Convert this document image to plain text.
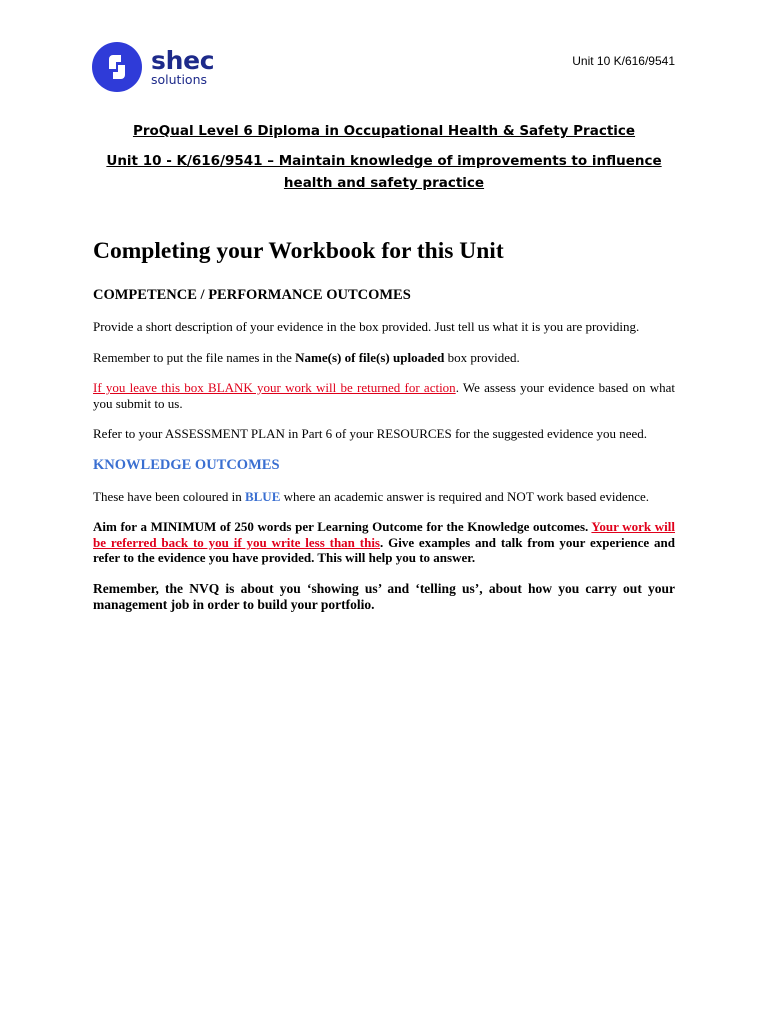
shec
solutions
Unit 10 K/616/9541
ProQual Level 6 Diploma in Occupational Health & Safety Practice
Unit 10 - K/616/9541 – Maintain knowledge of improvements to influence health and safety practice
Completing your Workbook for this Unit
COMPETENCE / PERFORMANCE OUTCOMES

Provide a short description of your evidence in the box provided. Just tell us what it is you are providing.

Remember to put the file names in the Name(s) of file(s) uploaded box provided.

If you leave this box BLANK your work will be returned for action. We assess your evidence based on what you submit to us.

Refer to your ASSESSMENT PLAN in Part 6 of your RESOURCES for the suggested evidence you need.

KNOWLEDGE OUTCOMES

These have been coloured in BLUE where an academic answer is required and NOT work based evidence.

Aim for a MINIMUM of 250 words per Learning Outcome for the Knowledge outcomes. Your work will be referred back to you if you write less than this. Give examples and talk from your experience and refer to the evidence you have provided. This will help you to answer.

Remember, the NVQ is about you ‘showing us’ and ‘telling us’, about how you carry out your management job in order to build your portfolio.
